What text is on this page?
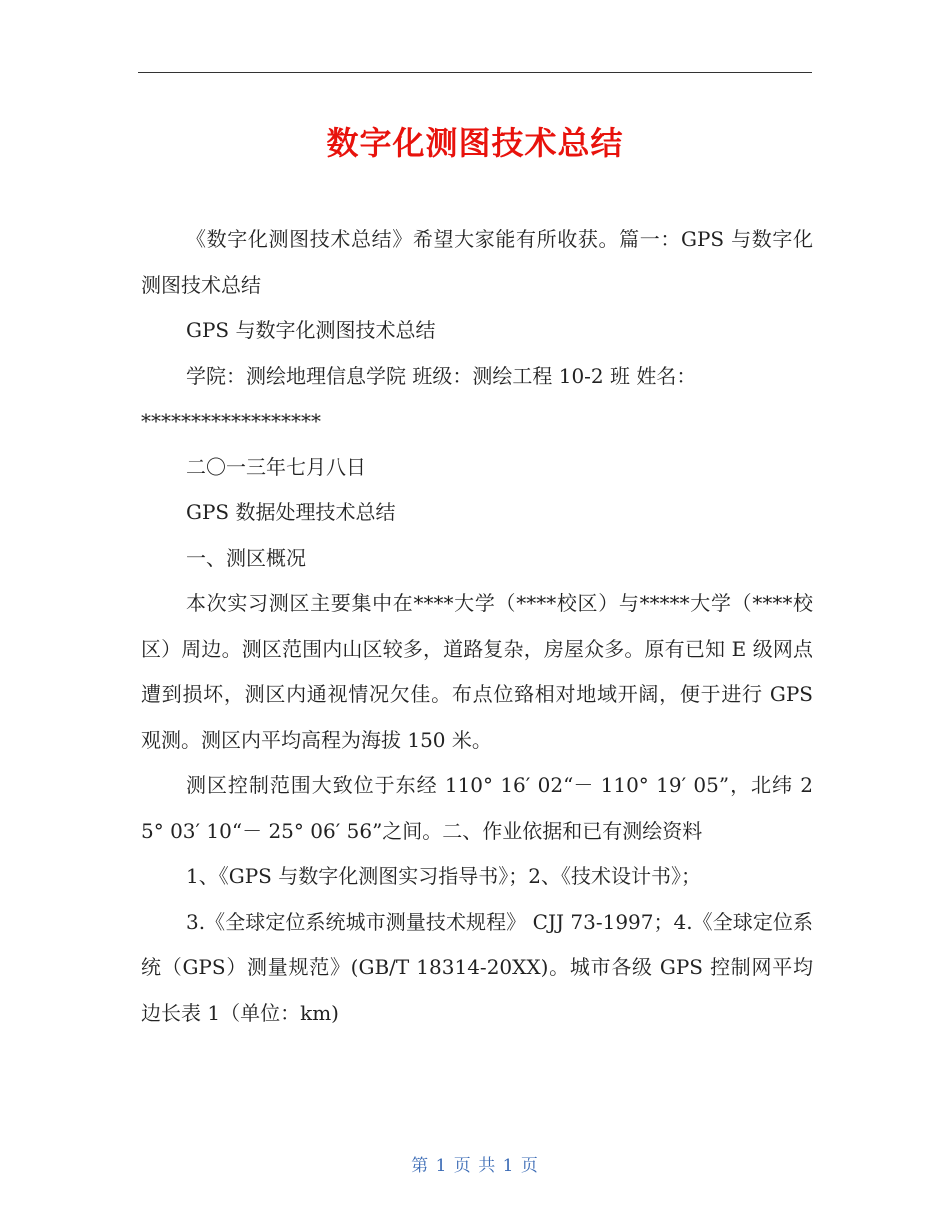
数字化测图技术总结

《数字化测图技术总结》希望大家能有所收获。篇一：GPS 与数字化测图技术总结

GPS 与数字化测图技术总结

学院：测绘地理信息学院 班级：测绘工程 10-2 班 姓名：

******************

二〇一三年七月八日

GPS 数据处理技术总结

一、测区概况

本次实习测区主要集中在****大学（****校区）与*****大学（****校区）周边。测区范围内山区较多，道路复杂，房屋众多。原有已知 E 级网点遭到损坏，测区内通视情况欠佳。布点位臵相对地域开阔，便于进行 GPS 观测。测区内平均高程为海拔 150 米。

测区控制范围大致位于东经 110° 16′ 02“－ 110° 19′ 05”，北纬 25° 03′ 10“－ 25° 06′ 56”之间。二、作业依据和已有测绘资料

1、《GPS 与数字化测图实习指导书》；2、《技术设计书》；

3.《全球定位系统城市测量技术规程》 CJJ 73-1997；4.《全球定位系统（GPS）测量规范》(GB/T 18314-20XX)。城市各级 GPS 控制网平均边长表 1（单位：km)

第 1 页 共 1 页
